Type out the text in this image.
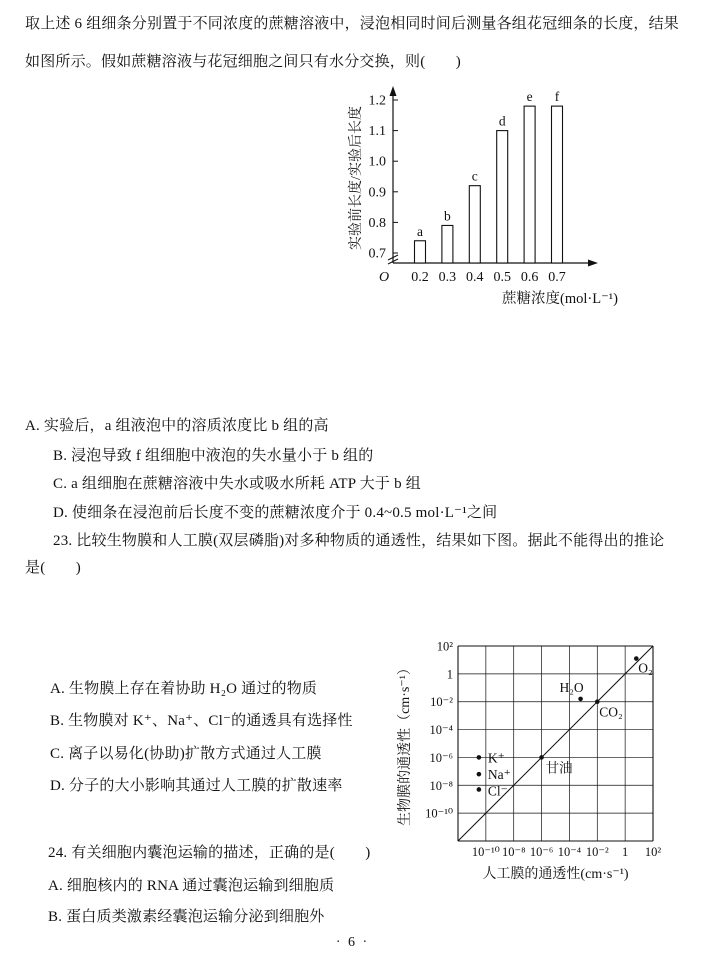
取上述 6 组细条分别置于不同浓度的蔗糖溶液中，浸泡相同时间后测量各组花冠细条的长度，结果
如图所示。假如蔗糖溶液与花冠细胞之间只有水分交换，则(　　)
0.7
0.8
0.9
1.0
1.1
1.2
a
0.2
b
0.3
c
0.4
d
0.5
e
0.6
f
0.7
O
蔗糖浓度(mol·L⁻¹)
实验前长度/实验后长度
A. 实验后，a 组液泡中的溶质浓度比 b 组的高
B. 浸泡导致 f 组细胞中液泡的失水量小于 b 组的
C. a 组细胞在蔗糖溶液中失水或吸水所耗 ATP 大于 b 组
D. 使细条在浸泡前后长度不变的蔗糖浓度介于 0.4~0.5 mol·L⁻¹之间
23. 比较生物膜和人工膜(双层磷脂)对多种物质的通透性，结果如下图。据此不能得出的推论
是(　　)
10²
1
10⁻²
10⁻⁴
10⁻⁶
10⁻⁸
10⁻¹⁰
10⁻¹⁰ 10⁻⁸ 10⁻⁶ 10⁻⁴ 10⁻² 1 10²
O₂
H₂O
CO₂
甘油
K⁺
Na⁺
Cl⁻
人工膜的通透性(cm·s⁻¹)
生物膜的通透性（cm·s⁻¹）
A. 生物膜上存在着协助 H₂O 通过的物质
B. 生物膜对 K⁺、Na⁺、Cl⁻的通透具有选择性
C. 离子以易化(协助)扩散方式通过人工膜
D. 分子的大小影响其通过人工膜的扩散速率
24. 有关细胞内囊泡运输的描述，正确的是(　　)
A. 细胞核内的 RNA 通过囊泡运输到细胞质
B. 蛋白质类激素经囊泡运输分泌到细胞外
· 6 ·
